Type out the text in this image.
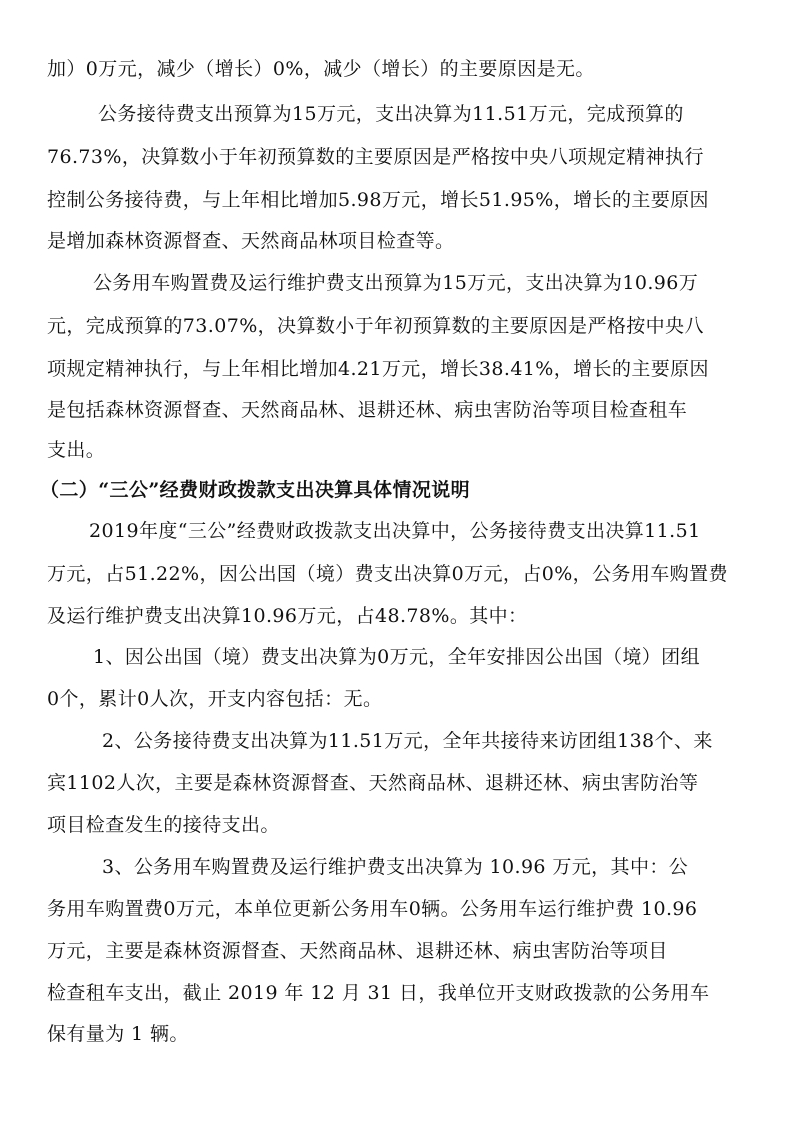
加）0万元，减少（增长）0%，减少（增长）的主要原因是无。
公务接待费支出预算为15万元，支出决算为11.51万元，完成预算的
76.73%，决算数小于年初预算数的主要原因是严格按中央八项规定精神执行
控制公务接待费，与上年相比增加5.98万元，增长51.95%，增长的主要原因
是增加森林资源督查、天然商品林项目检查等。
公务用车购置费及运行维护费支出预算为15万元，支出决算为10.96万
元，完成预算的73.07%，决算数小于年初预算数的主要原因是严格按中央八
项规定精神执行，与上年相比增加4.21万元，增长38.41%，增长的主要原因
是包括森林资源督查、天然商品林、退耕还林、病虫害防治等项目检查租车
支出。
（二）“三公”经费财政拨款支出决算具体情况说明
2019年度“三公”经费财政拨款支出决算中，公务接待费支出决算11.51
万元，占51.22%，因公出国（境）费支出决算0万元，占0%，公务用车购置费
及运行维护费支出决算10.96万元，占48.78%。其中：
1、因公出国（境）费支出决算为0万元，全年安排因公出国（境）团组
0个，累计0人次，开支内容包括：无。
2、公务接待费支出决算为11.51万元，全年共接待来访团组138个、来
宾1102人次，主要是森林资源督查、天然商品林、退耕还林、病虫害防治等
项目检查发生的接待支出。
3、公务用车购置费及运行维护费支出决算为 10.96 万元，其中：公
务用车购置费0万元，本单位更新公务用车0辆。公务用车运行维护费 10.96
万元，主要是森林资源督查、天然商品林、退耕还林、病虫害防治等项目
检查租车支出，截止 2019 年 12 月 31 日，我单位开支财政拨款的公务用车
保有量为 1 辆。
